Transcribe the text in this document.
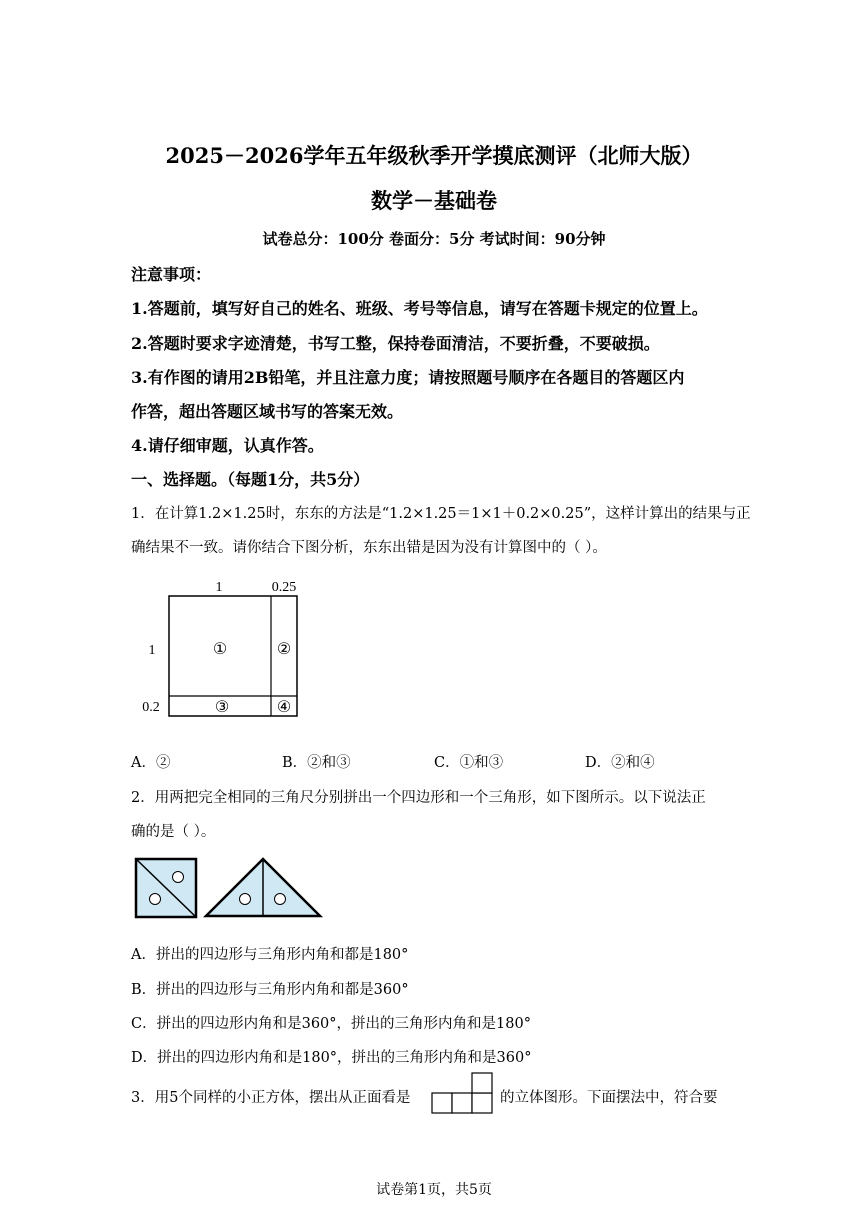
2025－2026学年五年级秋季开学摸底测评（北师大版）
数学－基础卷
试卷总分：100分 卷面分：5分 考试时间：90分钟
注意事项：
1.答题前，填写好自己的姓名、班级、考号等信息，请写在答题卡规定的位置上。
2.答题时要求字迹清楚，书写工整，保持卷面清洁，不要折叠，不要破损。
3.有作图的请用2B铅笔，并且注意力度；请按照题号顺序在各题目的答题区内
作答，超出答题区域书写的答案无效。
4.请仔细审题，认真作答。
一、选择题。（每题1分，共5分）
1．在计算1.2×1.25时，东东的方法是“1.2×1.25＝1×1＋0.2×0.25”，这样计算出的结果与正
确结果不一致。请你结合下图分析，东东出错是因为没有计算图中的（ ）。
1	0.25
1
0.2
①	②
③	④
A．②	B．②和③	C．①和③	D．②和④
2．用两把完全相同的三角尺分别拼出一个四边形和一个三角形，如下图所示。以下说法正
确的是（ ）。
A．拼出的四边形与三角形内角和都是180°
B．拼出的四边形与三角形内角和都是360°
C．拼出的四边形内角和是360°，拼出的三角形内角和是180°
D．拼出的四边形内角和是180°，拼出的三角形内角和是360°
3．用5个同样的小正方体，摆出从正面看是	的立体图形。下面摆法中，符合要
试卷第1页，共5页
